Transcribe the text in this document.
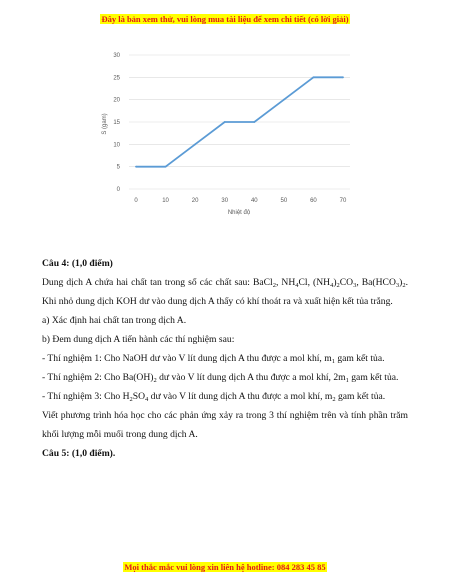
Đây là bản xem thử, vui lòng mua tài liệu để xem chi tiết (có lời giải)
0
5
10
15
20
25
30
0	10	20	30	40	50	60	70
S (gam)
Nhiệt độ

Câu 4: (1,0 điểm)

Dung dịch A chứa hai chất tan trong số các chất sau: BaCl$_2$, $NH_4Cl$, $(NH_4)_2CO_3$, $Ba(HCO_3)_2$. Khi nhỏ dung dịch KOH dư vào dung dịch A thấy có khí thoát ra và xuất hiện kết tủa trắng.

a) Xác định hai chất tan trong dịch A.

b) Đem dung dịch A tiến hành các thí nghiệm sau:

- Thí nghiệm 1: Cho NaOH dư vào V lít dung dịch A thu được a mol khí, $m_1$ gam kết tủa.

- Thí nghiệm 2: Cho $Ba(OH)_2$ dư vào V lít dung dịch A thu được a mol khí, $2m_1$ gam kết tủa.

- Thí nghiệm 3: Cho $H_2SO_4$ dư vào V lít dung dịch A thu được a mol khí, $m_2$ gam kết tủa.

Viết phương trình hóa học cho các phản ứng xảy ra trong 3 thí nghiệm trên và tính phần trăm khối lượng mỗi muối trong dung dịch A.

Câu 5: (1,0 điểm).

Mọi thắc mắc vui lòng xin liên hệ hotline: 084 283 45 85
